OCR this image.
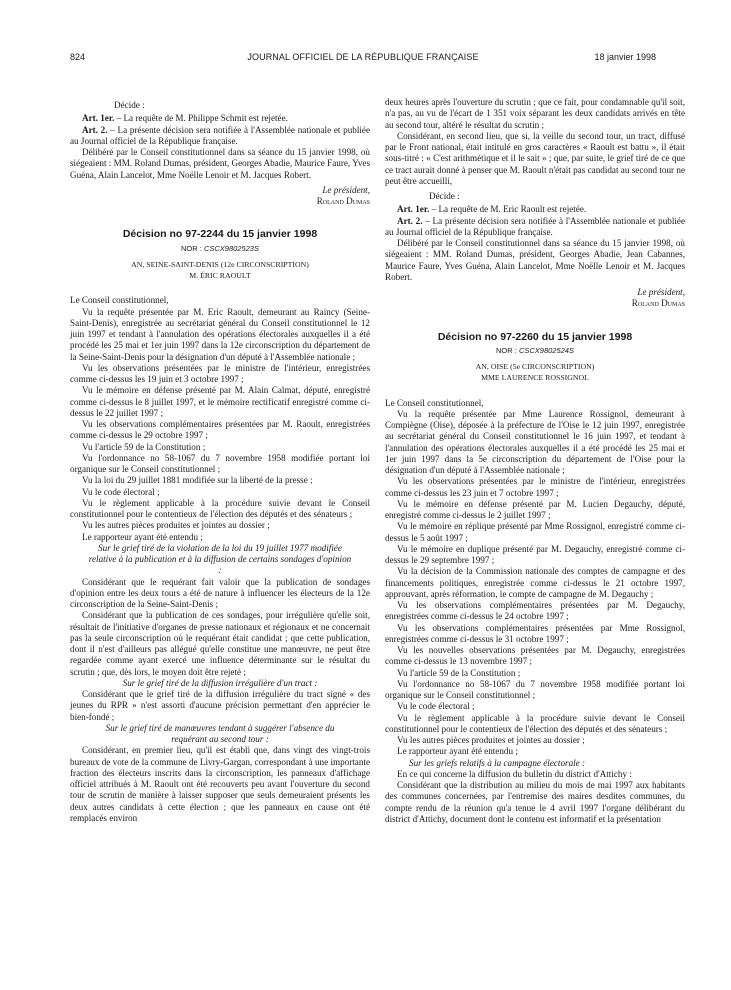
824	JOURNAL OFFICIEL DE LA RÉPUBLIQUE FRANÇAISE	18 janvier 1998

Décide :

Art. 1er. – La requête de M. Philippe Schmit est rejetée.

Art. 2. – La présente décision sera notifiée à l'Assemblée nationale et publiée au Journal officiel de la République française.

Délibéré par le Conseil constitutionnel dans sa séance du 15 janvier 1998, où siégeaient : MM. Roland Dumas, président, Georges Abadie, Maurice Faure, Yves Guéna, Alain Lancelot, Mme Noëlle Lenoir et M. Jacques Robert.

Le président,

Roland Dumas

Décision no 97-2244 du 15 janvier 1998

NOR : CSCX9802523S

AN, SEINE-SAINT-DENIS (12e CIRCONSCRIPTION)

M. ÉRIC RAOULT

Le Conseil constitutionnel,

Vu la requête présentée par M. Eric Raoult, demeurant au Raincy (Seine-Saint-Denis), enregistrée au secrétariat général du Conseil constitutionnel le 12 juin 1997 et tendant à l'annulation des opérations électorales auxquelles il a été procédé les 25 mai et 1er juin 1997 dans la 12e circonscription du département de la Seine-Saint-Denis pour la désignation d'un député à l'Assemblée nationale ;

Vu les observations présentées par le ministre de l'intérieur, enregistrées comme ci-dessus les 19 juin et 3 octobre 1997 ;

Vu le mémoire en défense présenté par M. Alain Calmat, député, enregistré comme ci-dessus le 8 juillet 1997, et le mémoire rectificatif enregistré comme ci-dessus le 22 juillet 1997 ;

Vu les observations complémentaires présentées par M. Raoult, enregistrées comme ci-dessus le 29 octobre 1997 ;

Vu l'article 59 de la Constitution ;

Vu l'ordonnance no 58-1067 du 7 novembre 1958 modifiée portant loi organique sur le Conseil constitutionnel ;

Vu la loi du 29 juillet 1881 modifiée sur la liberté de la presse ;

Vu le code électoral ;

Vu le règlement applicable à la procédure suivie devant le Conseil constitutionnel pour le contentieux de l'élection des députés et des sénateurs ;

Vu les autres pièces produites et jointes au dossier ;

Le rapporteur ayant été entendu ;

Sur le grief tiré de la violation de la loi du 19 juillet 1977 modifiée relative à la publication et à la diffusion de certains sondages d'opinion :

Considérant que le requérant fait valoir que la publication de sondages d'opinion entre les deux tours a été de nature à influencer les électeurs de la 12e circonscription de la Seine-Saint-Denis ;

Considérant que la publication de ces sondages, pour irrégulière qu'elle soit, résultait de l'initiative d'organes de presse nationaux et régionaux et ne concernait pas la seule circonscription où le requérant était candidat ; que cette publication, dont il n'est d'ailleurs pas allégué qu'elle constitue une manœuvre, ne peut être regardée comme ayant exercé une influence déterminante sur le résultat du scrutin ; que, dès lors, le moyen doit être rejeté ;

Sur le grief tiré de la diffusion irrégulière d'un tract :

Considérant que le grief tiré de la diffusion irrégulière du tract signé « des jeunes du RPR » n'est assorti d'aucune précision permettant d'en apprécier le bien-fondé ;

Sur le grief tiré de manœuvres tendant à suggérer l'absence du requérant au second tour :

Considérant, en premier lieu, qu'il est établi que, dans vingt des vingt-trois bureaux de vote de la commune de Livry-Gargan, correspondant à une importante fraction des électeurs inscrits dans la circonscription, les panneaux d'affichage officiel attribués à M. Raoult ont été recouverts peu avant l'ouverture du second tour de scrutin de manière à laisser supposer que seuls demeuraient présents les deux autres candidats à cette élection ; que les panneaux en cause ont été remplacés environ

deux heures après l'ouverture du scrutin ; que ce fait, pour condamnable qu'il soit, n'a pas, au vu de l'écart de 1 351 voix séparant les deux candidats arrivés en tête au second tour, altéré le résultat du scrutin ;

Considérant, en second lieu, que si, la veille du second tour, un tract, diffusé par le Front national, était intitulé en gros caractères « Raoult est battu », il était sous-titré : « C'est arithmétique et il le sait » ; que, par suite, le grief tiré de ce que ce tract aurait donné à penser que M. Raoult n'était pas candidat au second tour ne peut être accueilli,

Décide :

Art. 1er. – La requête de M. Eric Raoult est rejetée.

Art. 2. – La présente décision sera notifiée à l'Assemblée nationale et publiée au Journal officiel de la République française.

Délibéré par le Conseil constitutionnel dans sa séance du 15 janvier 1998, où siégeaient : MM. Roland Dumas, président, Georges Abadie, Jean Cabannes, Maurice Faure, Yves Guéna, Alain Lancelot, Mme Noëlle Lenoir et M. Jacques Robert.

Le président,

Roland Dumas

Décision no 97-2260 du 15 janvier 1998

NOR : CSCX9802524S

AN, OISE (5e CIRCONSCRIPTION)

MME LAURENCE ROSSIGNOL

Le Conseil constitutionnel,

Vu la requête présentée par Mme Laurence Rossignol, demeurant à Compiègne (Oise), déposée à la préfecture de l'Oise le 12 juin 1997, enregistrée au secrétariat général du Conseil constitutionnel le 16 juin 1997, et tendant à l'annulation des opérations électorales auxquelles il a été procédé les 25 mai et 1er juin 1997 dans la 5e circonscription du département de l'Oise pour la désignation d'un député à l'Assemblée nationale ;

Vu les observations présentées par le ministre de l'intérieur, enregistrées comme ci-dessus les 23 juin et 7 octobre 1997 ;

Vu le mémoire en défense présenté par M. Lucien Degauchy, député, enregistré comme ci-dessus le 2 juillet 1997 ;

Vu le mémoire en réplique présenté par Mme Rossignol, enregistré comme ci-dessus le 5 août 1997 ;

Vu le mémoire en duplique présenté par M. Degauchy, enregistré comme ci-dessus le 29 septembre 1997 ;

Vu la décision de la Commission nationale des comptes de campagne et des financements politiques, enregistrée comme ci-dessus le 21 octobre 1997, approuvant, après réformation, le compte de campagne de M. Degauchy ;

Vu les observations complémentaires présentées par M. Degauchy, enregistrées comme ci-dessus le 24 octobre 1997 ;

Vu les observations complémentaires présentées par Mme Rossignol, enregistrées comme ci-dessus le 31 octobre 1997 ;

Vu les nouvelles observations présentées par M. Degauchy, enregistrées comme ci-dessus le 13 novembre 1997 ;

Vu l'article 59 de la Constitution ;

Vu l'ordonnance no 58-1067 du 7 novembre 1958 modifiée portant loi organique sur le Conseil constitutionnel ;

Vu le code électoral ;

Vu le règlement applicable à la procédure suivie devant le Conseil constitutionnel pour le contentieux de l'élection des députés et des sénateurs ;

Vu les autres pièces produites et jointes au dossier ;

Le rapporteur ayant été entendu ;

Sur les griefs relatifs à la campagne électorale :

En ce qui concerne la diffusion du bulletin du district d'Attichy :

Considérant que la distribution au milieu du mois de mai 1997 aux habitants des communes concernées, par l'entremise des maires desdites communes, du compte rendu de la réunion qu'a tenue le 4 avril 1997 l'organe délibérant du district d'Attichy, document dont le contenu est informatif et la présentation
